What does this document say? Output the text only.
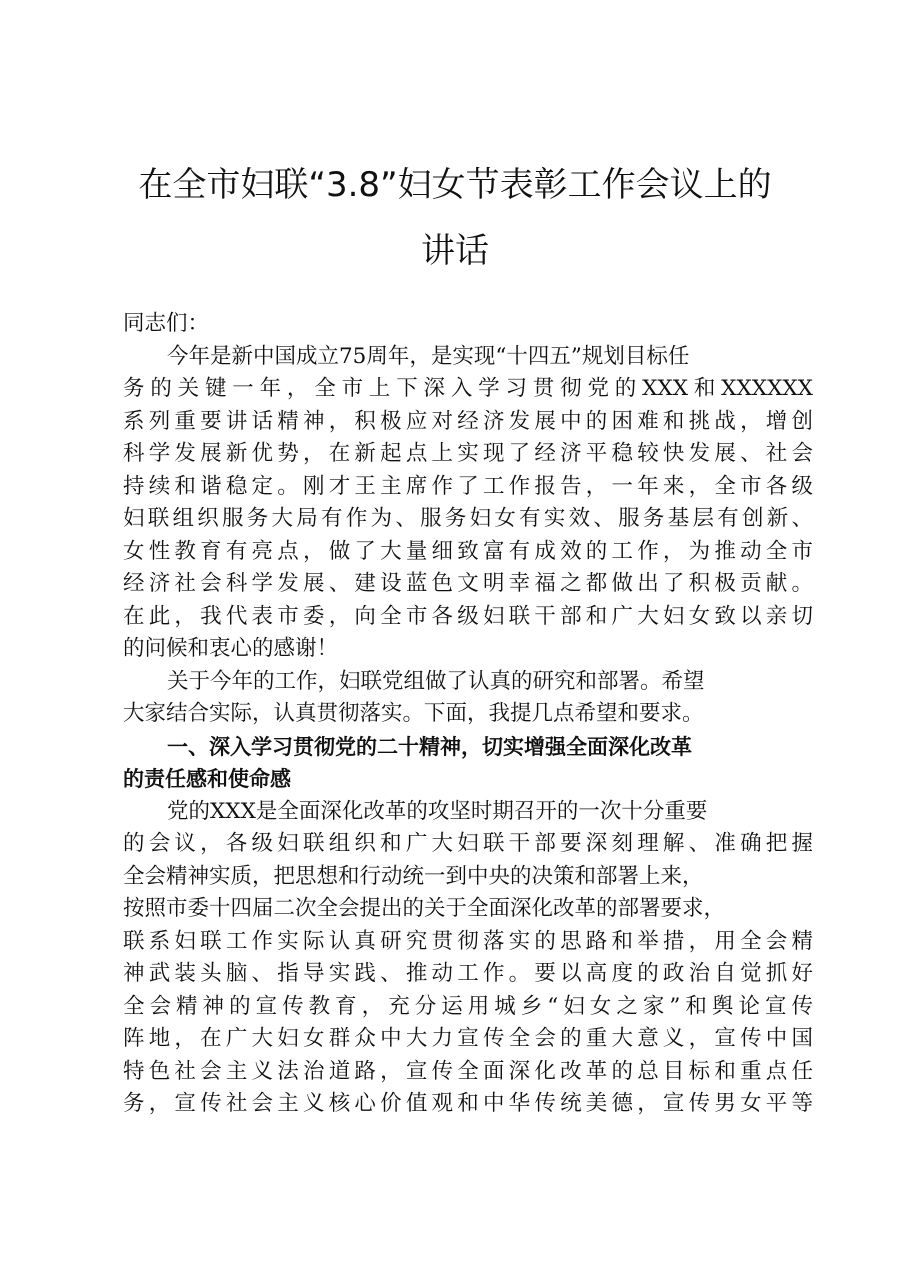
在全市妇联“3.8”妇女节表彰工作会议上的
讲话
同志们：
今年是新中国成立75周年，是实现“十四五”规划目标任
务的关键一年，全市上下深入学习贯彻党的XXX和XXXXXX
系列重要讲话精神，积极应对经济发展中的困难和挑战，增创
科学发展新优势，在新起点上实现了经济平稳较快发展、社会
持续和谐稳定。刚才王主席作了工作报告，一年来，全市各级
妇联组织服务大局有作为、服务妇女有实效、服务基层有创新、
女性教育有亮点，做了大量细致富有成效的工作，为推动全市
经济社会科学发展、建设蓝色文明幸福之都做出了积极贡献。
在此，我代表市委，向全市各级妇联干部和广大妇女致以亲切
的问候和衷心的感谢！
关于今年的工作，妇联党组做了认真的研究和部署。希望
大家结合实际，认真贯彻落实。下面，我提几点希望和要求。
一、深入学习贯彻党的二十精神，切实增强全面深化改革
的责任感和使命感
党的XXX是全面深化改革的攻坚时期召开的一次十分重要
的会议，各级妇联组织和广大妇联干部要深刻理解、准确把握
全会精神实质，把思想和行动统一到中央的决策和部署上来，
按照市委十四届二次全会提出的关于全面深化改革的部署要求，
联系妇联工作实际认真研究贯彻落实的思路和举措，用全会精
神武装头脑、指导实践、推动工作。要以高度的政治自觉抓好
全会精神的宣传教育，充分运用城乡“妇女之家”和舆论宣传
阵地，在广大妇女群众中大力宣传全会的重大意义，宣传中国
特色社会主义法治道路，宣传全面深化改革的总目标和重点任
务，宣传社会主义核心价值观和中华传统美德，宣传男女平等
